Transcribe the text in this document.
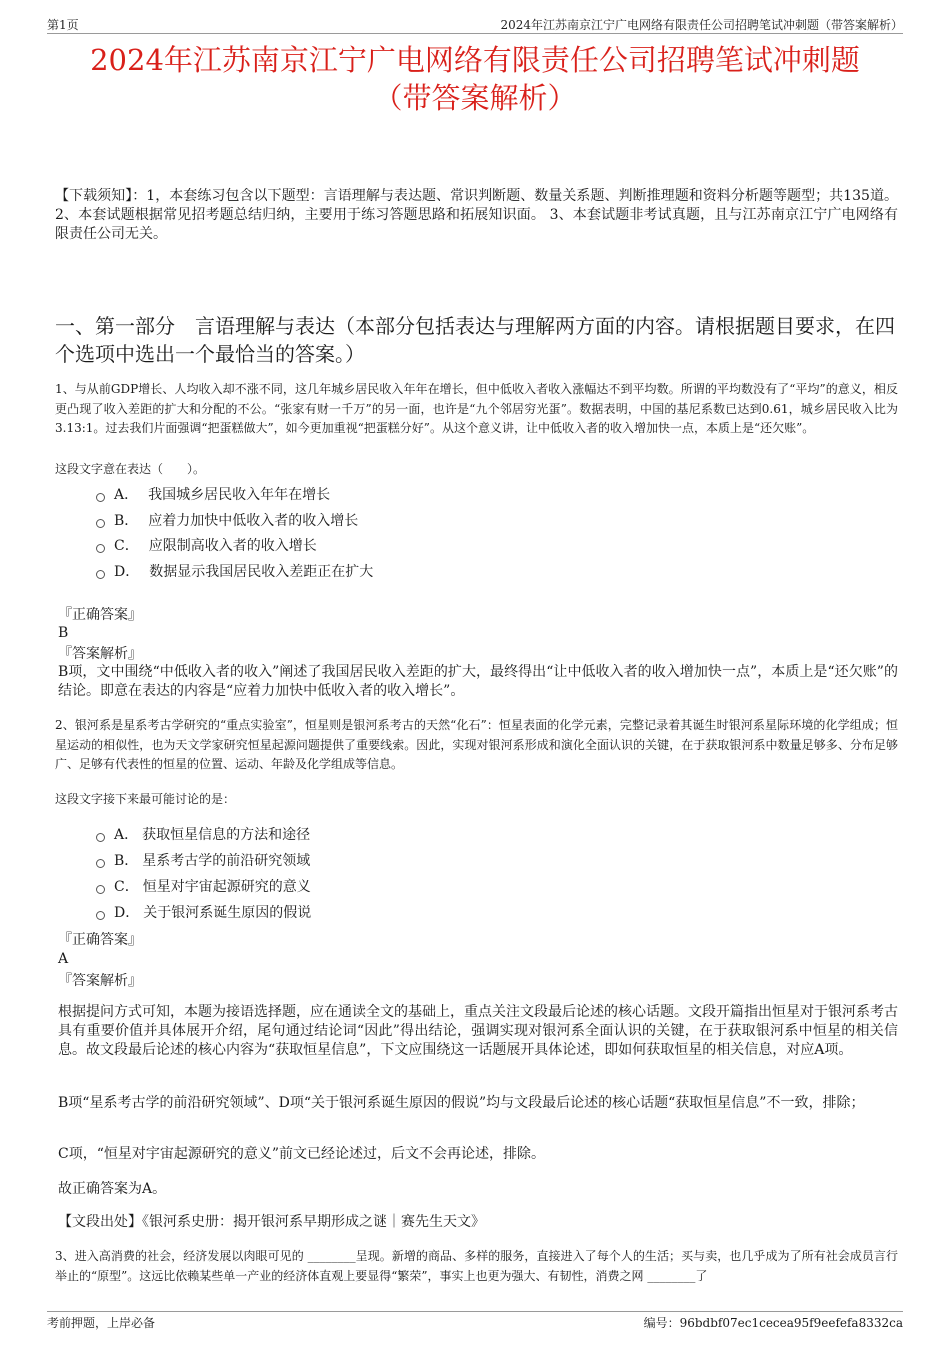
第1页	2024年江苏南京江宁广电网络有限责任公司招聘笔试冲刺题（带答案解析）
2024年江苏南京江宁广电网络有限责任公司招聘笔试冲刺题
（带答案解析）
【下载须知】：1，本套练习包含以下题型：言语理解与表达题、常识判断题、数量关系题、判断推理题和资料分析题等题型；共135道。 2、本套试题根据常见招考题总结归纳，主要用于练习答题思路和拓展知识面。 3、本套试题非考试真题，且与江苏南京江宁广电网络有限责任公司无关。
一、第一部分　言语理解与表达（本部分包括表达与理解两方面的内容。请根据题目要求，在四个选项中选出一个最恰当的答案。）
1、与从前GDP增长、人均收入却不涨不同，这几年城乡居民收入年年在增长，但中低收入者收入涨幅达不到平均数。所谓的平均数没有了“平均”的意义，相反更凸现了收入差距的扩大和分配的不公。“张家有财一千万”的另一面，也许是“九个邻居穷光蛋”。数据表明，中国的基尼系数已达到0.61，城乡居民收入比为3.13:1。过去我们片面强调“把蛋糕做大”，如今更加重视“把蛋糕分好”。从这个意义讲，让中低收入者的收入增加快一点，本质上是“还欠账”。
这段文字意在表达（　　）。
A． 我国城乡居民收入年年在增长
B． 应着力加快中低收入者的收入增长
C． 应限制高收入者的收入增长
D． 数据显示我国居民收入差距正在扩大
『正确答案』
B
『答案解析』
B项，文中围绕“中低收入者的收入”阐述了我国居民收入差距的扩大，最终得出“让中低收入者的收入增加快一点”，本质上是“还欠账”的结论。即意在表达的内容是“应着力加快中低收入者的收入增长”。
2、银河系是星系考古学研究的“重点实验室”，恒星则是银河系考古的天然“化石”：恒星表面的化学元素，完整记录着其诞生时银河系星际环境的化学组成；恒星运动的相似性，也为天文学家研究恒星起源问题提供了重要线索。因此，实现对银河系形成和演化全面认识的关键，在于获取银河系中数量足够多、分布足够广、足够有代表性的恒星的位置、运动、年龄及化学组成等信息。
这段文字接下来最可能讨论的是：
A． 获取恒星信息的方法和途径
B． 星系考古学的前沿研究领域
C． 恒星对宇宙起源研究的意义
D． 关于银河系诞生原因的假说
『正确答案』
A
『答案解析』
根据提问方式可知，本题为接语选择题，应在通读全文的基础上，重点关注文段最后论述的核心话题。文段开篇指出恒星对于银河系考古具有重要价值并具体展开介绍，尾句通过结论词“因此”得出结论，强调实现对银河系全面认识的关键，在于获取银河系中恒星的相关信息。故文段最后论述的核心内容为“获取恒星信息”，下文应围绕这一话题展开具体论述，即如何获取恒星的相关信息，对应A项。
B项“星系考古学的前沿研究领域”、D项“关于银河系诞生原因的假说”均与文段最后论述的核心话题“获取恒星信息”不一致，排除；
C项，“恒星对宇宙起源研究的意义”前文已经论述过，后文不会再论述，排除。
故正确答案为A。
【文段出处】《银河系史册：揭开银河系早期形成之谜｜赛先生天文》
3、进入高消费的社会，经济发展以肉眼可见的 ________呈现。新增的商品、多样的服务，直接进入了每个人的生活；买与卖，也几乎成为了所有社会成员言行举止的“原型”。这远比依赖某些单一产业的经济体直观上要显得“繁荣”，事实上也更为强大、有韧性，消费之网 ________了
考前押题，上岸必备	编号：96bdbf07ec1cecea95f9eefefa8332ca
